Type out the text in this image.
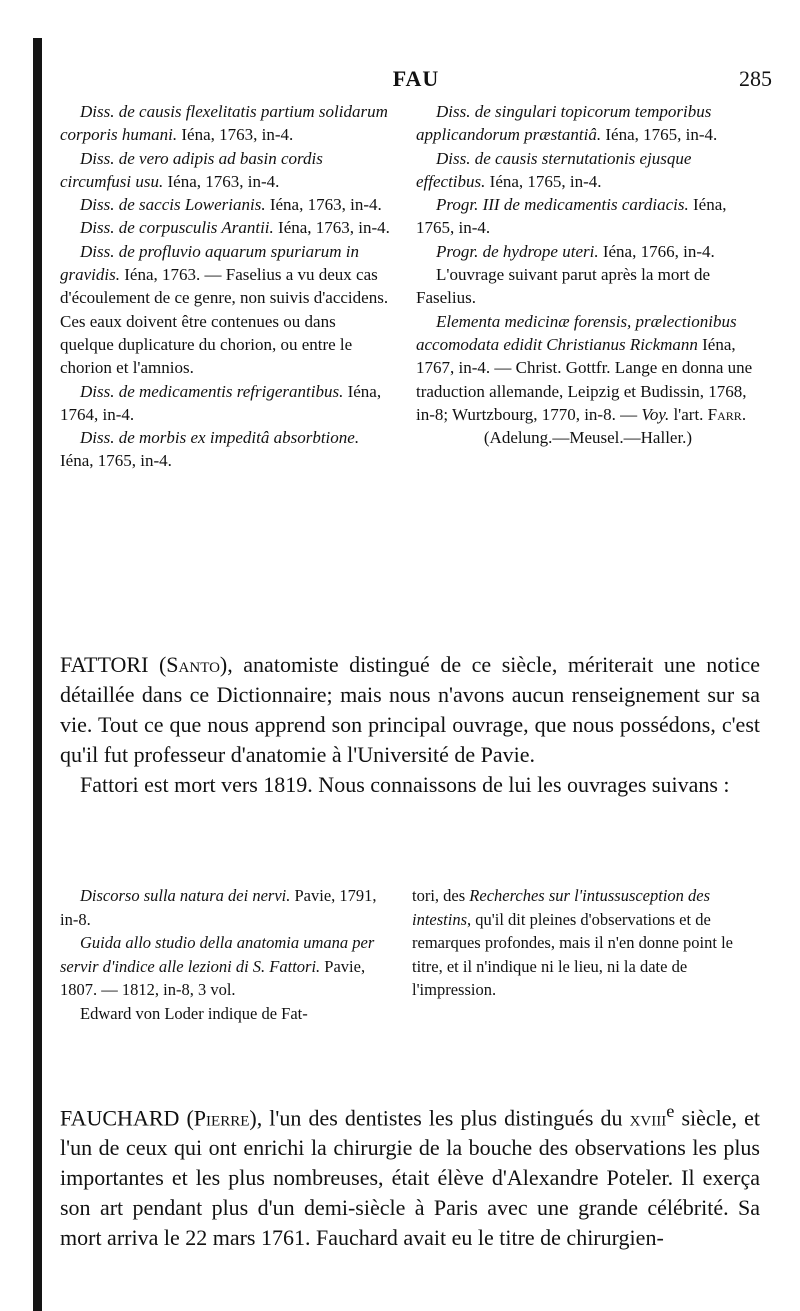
FAU	285

Diss. de causis flexelitatis partium solidarum corporis humani. Iéna, 1763, in-4.

Diss. de vero adipis ad basin cordis circumfusi usu. Iéna, 1763, in-4.

Diss. de saccis Lowerianis. Iéna, 1763, in-4.

Diss. de corpusculis Arantii. Iéna, 1763, in-4.

Diss. de profluvio aquarum spuriarum in gravidis. Iéna, 1763. — Faselius a vu deux cas d'écoulement de ce genre, non suivis d'accidens. Ces eaux doivent être contenues ou dans quelque duplicature du chorion, ou entre le chorion et l'amnios.

Diss. de medicamentis refrigerantibus. Iéna, 1764, in-4.

Diss. de morbis ex impeditâ absorbtione. Iéna, 1765, in-4.

Diss. de singulari topicorum temporibus applicandorum præstantiâ. Iéna, 1765, in-4.

Diss. de causis sternutationis ejusque effectibus. Iéna, 1765, in-4.

Progr. III de medicamentis cardiacis. Iéna, 1765, in-4.

Progr. de hydrope uteri. Iéna, 1766, in-4.

L'ouvrage suivant parut après la mort de Faselius.

Elementa medicinæ forensis, prælectionibus accomodata edidit Christianus Rickmann Iéna, 1767, in-4. — Christ. Gottfr. Lange en donna une traduction allemande, Leipzig et Budissin, 1768, in-8; Wurtzbourg, 1770, in-8. — Voy. l'art. Farr.

(Adelung.—Meusel.—Haller.)

FATTORI (Santo), anatomiste distingué de ce siècle, mériterait une notice détaillée dans ce Dictionnaire; mais nous n'avons aucun renseignement sur sa vie. Tout ce que nous apprend son principal ouvrage, que nous possédons, c'est qu'il fut professeur d'anatomie à l'Université de Pavie.

Fattori est mort vers 1819. Nous connaissons de lui les ouvrages suivans :

Discorso sulla natura dei nervi. Pavie, 1791, in-8.

Guida allo studio della anatomia umana per servir d'indice alle lezioni di S. Fattori. Pavie, 1807. — 1812, in-8, 3 vol.

Edward von Loder indique de Fat-

tori, des Recherches sur l'intussusception des intestins, qu'il dit pleines d'observations et de remarques profondes, mais il n'en donne point le titre, et il n'indique ni le lieu, ni la date de l'impression.

FAUCHARD (Pierre), l'un des dentistes les plus distingués du xviii$^e$ siècle, et l'un de ceux qui ont enrichi la chirurgie de la bouche des observations les plus importantes et les plus nombreuses, était élève d'Alexandre Poteler. Il exerça son art pendant plus d'un demi-siècle à Paris avec une grande célébrité. Sa mort arriva le 22 mars 1761. Fauchard avait eu le titre de chirurgien-
